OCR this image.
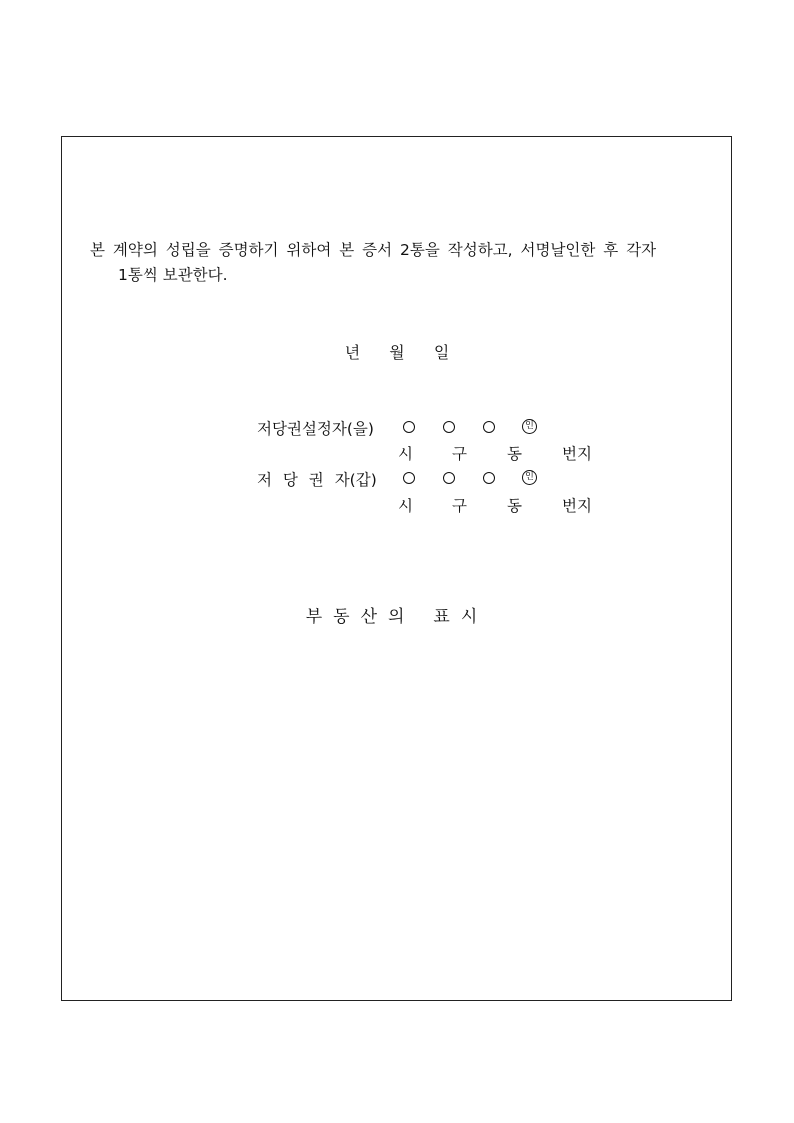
본 계약의 성립을 증명하기 위하여 본 증서 2통을 작성하고, 서명날인한 후 각자
1통씩 보관한다.
년 월 일
저당권설정자(을)	인
시	구	동	번지
저 당 권 자(갑)	인
시	구	동	번지
부동산의 표시
